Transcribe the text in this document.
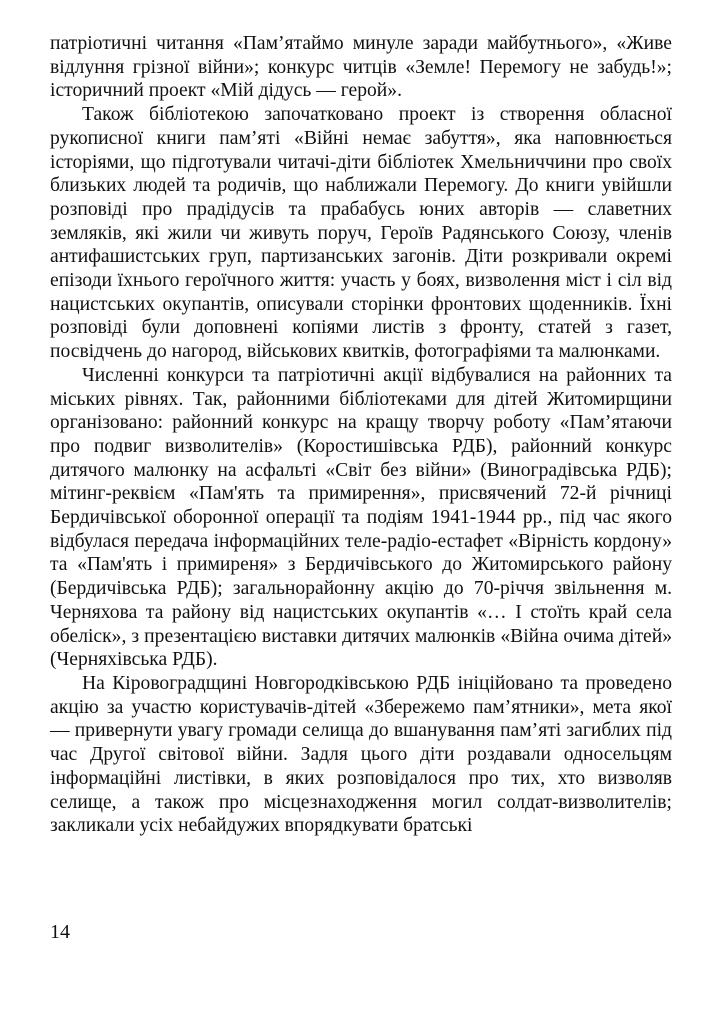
патріотичні читання «Пам’ятаймо минуле заради майбутнього», «Живе відлуння грізної війни»; конкурс читців «Земле! Перемогу не забудь!»; історичний проект «Мій дідусь — герой».

Також бібліотекою започатковано проект із створення обласної рукописної книги пам’яті «Війні немає забуття», яка наповнюється історіями, що підготували читачі-діти бібліотек Хмельниччини про своїх близьких людей та родичів, що наближали Перемогу. До книги увійшли розповіді про прадідусів та прабабусь юних авторів — славетних земляків, які жили чи живуть поруч, Героїв Радянського Союзу, членів антифашистських груп, партизанських загонів. Діти розкривали окремі епізоди їхнього героїчного життя: участь у боях, визволення міст і сіл від нацистських окупантів, описували сторінки фронтових щоденників. Їхні розповіді були доповнені копіями листів з фронту, статей з газет, посвідчень до нагород, військових квитків, фотографіями та малюнками.

Численні конкурси та патріотичні акції відбувалися на районних та міських рівнях. Так, районними бібліотеками для дітей Житомирщини організовано: районний конкурс на кращу творчу роботу «Пам’ятаючи про подвиг визволителів» (Коростишівська РДБ), районний конкурс дитячого малюнку на асфальті «Світ без війни» (Виноградівська РДБ); мітинг-реквієм «Пам'ять та примирення», присвячений 72-й річниці Бердичівської оборонної операції та подіям 1941-1944 рр., під час якого відбулася передача інформаційних теле-радіо-естафет «Вірність кордону» та «Пам'ять і примиреня» з Бердичівського до Житомирського району (Бердичівська РДБ); загальнорайонну акцію до 70-річчя звільнення м. Черняхова та району від нацистських окупантів «… І стоїть край села обеліск», з презентацією виставки дитячих малюнків «Війна очима дітей» (Черняхівська РДБ).

На Кіровоградщині Новгородківською РДБ ініційовано та проведено акцію за участю користувачів-дітей «Збережемо пам’ятники», мета якої — привернути увагу громади селища до вшанування пам’яті загиблих під час Другої світової війни. Задля цього діти роздавали односельцям інформаційні листівки, в яких розповідалося про тих, хто визволяв селище, а також про місцезнаходження могил солдат-визволителів; закликали усіх небайдужих впорядкувати братські

14
